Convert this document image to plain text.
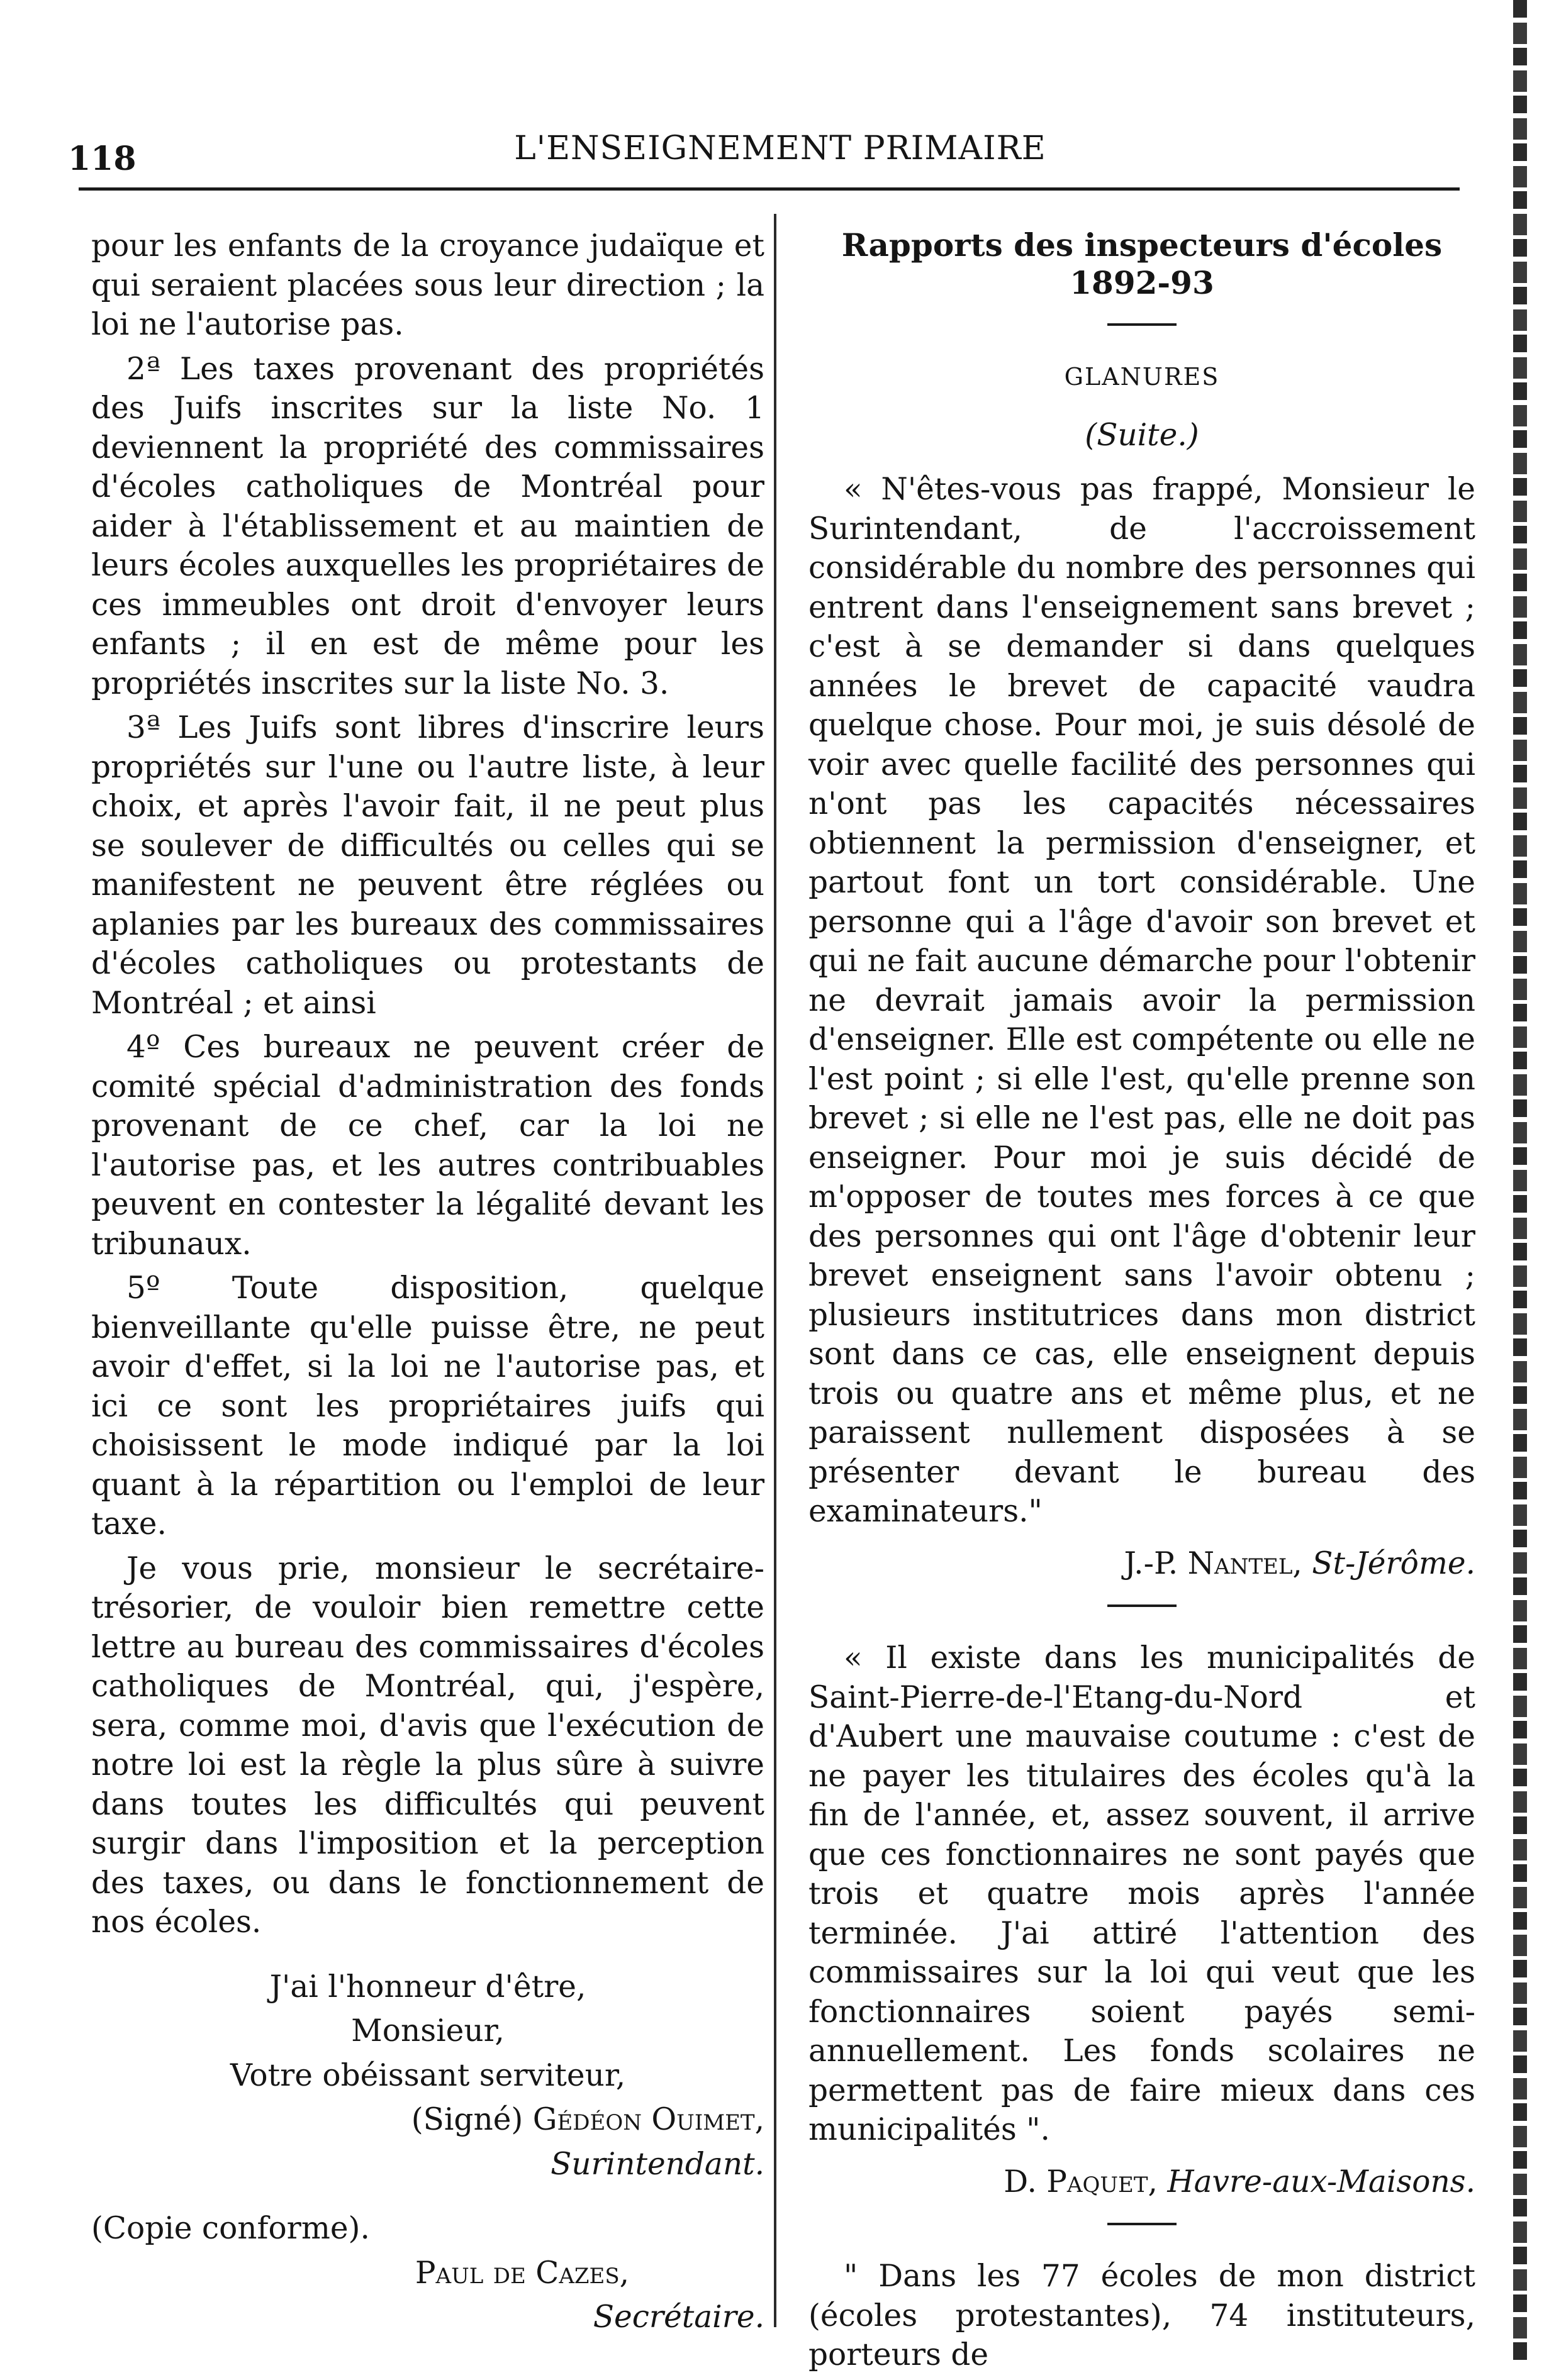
118	L'ENSEIGNEMENT PRIMAIRE

pour les enfants de la croyance judaïque et qui seraient placées sous leur direction ; la loi ne l'autorise pas.

2ª Les taxes provenant des propriétés des Juifs inscrites sur la liste No. 1 deviennent la propriété des commissaires d'écoles catholiques de Montréal pour aider à l'établissement et au maintien de leurs écoles auxquelles les propriétaires de ces immeubles ont droit d'envoyer leurs enfants ; il en est de même pour les propriétés inscrites sur la liste No. 3.

3ª Les Juifs sont libres d'inscrire leurs propriétés sur l'une ou l'autre liste, à leur choix, et après l'avoir fait, il ne peut plus se soulever de difficultés ou celles qui se manifestent ne peuvent être réglées ou aplanies par les bureaux des commissaires d'écoles catholiques ou protestants de Montréal ; et ainsi

4º Ces bureaux ne peuvent créer de comité spécial d'administration des fonds provenant de ce chef, car la loi ne l'autorise pas, et les autres contribuables peuvent en contester la légalité devant les tribunaux.

5º Toute disposition, quelque bienveillante qu'elle puisse être, ne peut avoir d'effet, si la loi ne l'autorise pas, et ici ce sont les propriétaires juifs qui choisissent le mode indiqué par la loi quant à la répartition ou l'emploi de leur taxe.

Je vous prie, monsieur le secrétaire-trésorier, de vouloir bien remettre cette lettre au bureau des commissaires d'écoles catholiques de Montréal, qui, j'espère, sera, comme moi, d'avis que l'exécution de notre loi est la règle la plus sûre à suivre dans toutes les difficultés qui peuvent surgir dans l'imposition et la perception des taxes, ou dans le fonctionnement de nos écoles.

J'ai l'honneur d'être,

Monsieur,

Votre obéissant serviteur,

(Signé) Gédéon Ouimet,

Surintendant.

(Copie conforme).

Paul de Cazes,

Secrétaire.

Rapports des inspecteurs d'écoles
1892-93

GLANURES

(Suite.)

« N'êtes-vous pas frappé, Monsieur le Surintendant, de l'accroissement considérable du nombre des personnes qui entrent dans l'enseignement sans brevet ; c'est à se demander si dans quelques années le brevet de capacité vaudra quelque chose. Pour moi, je suis désolé de voir avec quelle facilité des personnes qui n'ont pas les capacités nécessaires obtiennent la permission d'enseigner, et partout font un tort considérable. Une personne qui a l'âge d'avoir son brevet et qui ne fait aucune démarche pour l'obtenir ne devrait jamais avoir la permission d'enseigner. Elle est compétente ou elle ne l'est point ; si elle l'est, qu'elle prenne son brevet ; si elle ne l'est pas, elle ne doit pas enseigner. Pour moi je suis décidé de m'opposer de toutes mes forces à ce que des personnes qui ont l'âge d'obtenir leur brevet enseignent sans l'avoir obtenu ; plusieurs institutrices dans mon district sont dans ce cas, elle enseignent depuis trois ou quatre ans et même plus, et ne paraissent nullement disposées à se présenter devant le bureau des examinateurs."

J.-P. Nantel, St-Jérôme.

« Il existe dans les municipalités de Saint-Pierre-de-l'Etang-du-Nord et d'Aubert une mauvaise coutume : c'est de ne payer les titulaires des écoles qu'à la fin de l'année, et, assez souvent, il arrive que ces fonctionnaires ne sont payés que trois et quatre mois après l'année terminée. J'ai attiré l'attention des commissaires sur la loi qui veut que les fonctionnaires soient payés semi-annuellement. Les fonds scolaires ne permettent pas de faire mieux dans ces municipalités ".

D. Paquet, Havre-aux-Maisons.

" Dans les 77 écoles de mon district (écoles protestantes), 74 instituteurs, porteurs de
